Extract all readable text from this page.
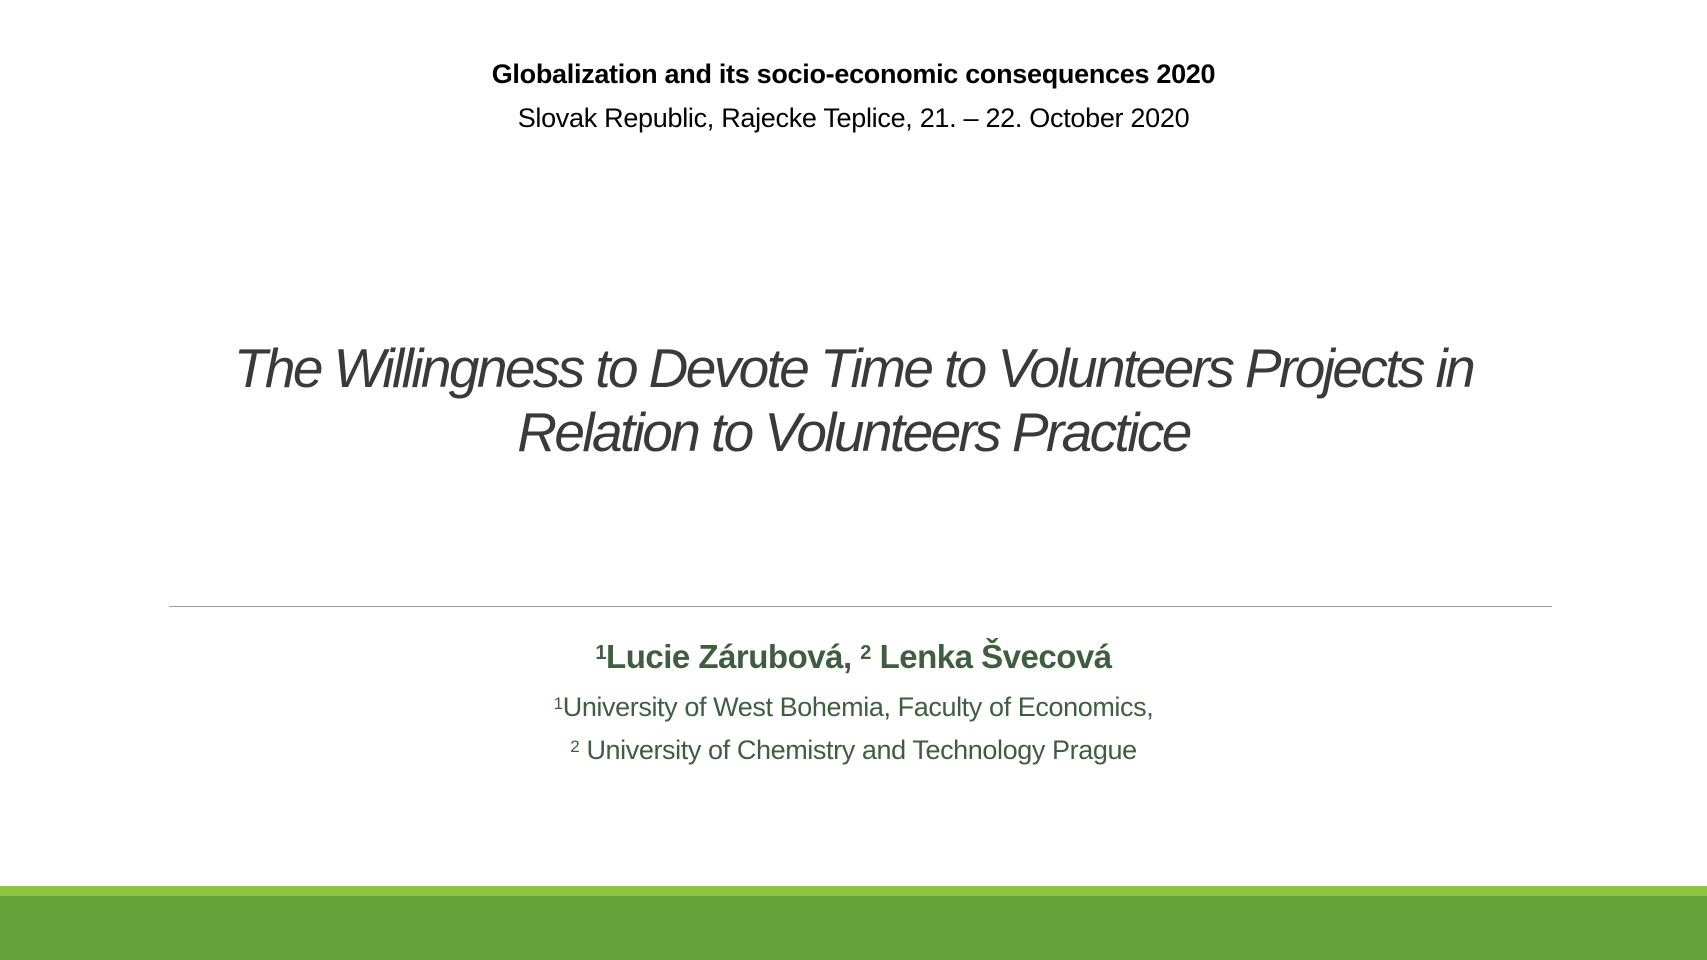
Globalization and its socio-economic consequences 2020
Slovak Republic, Rajecke Teplice, 21. – 22. October 2020
The Willingness to Devote Time to Volunteers Projects in
Relation to Volunteers Practice
$^1$Lucie Zárubová, $^2$ Lenka Švecová
$^1$University of West Bohemia, Faculty of Economics,
$^2$ University of Chemistry and Technology Prague
